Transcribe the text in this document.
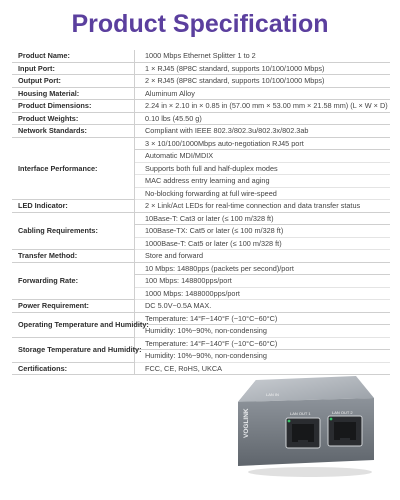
Product Specification
Product Name:	1000 Mbps Ethernet Splitter 1 to 2
Input Port:	1 × RJ45 (8P8C standard, supports 10/100/1000 Mbps)
Output Port:	2 × RJ45 (8P8C standard, supports 10/100/1000 Mbps)
Housing Material:	Aluminum Alloy
Product Dimensions:	2.24 in × 2.10 in × 0.85 in (57.00 mm × 53.00 mm × 21.58 mm) (L × W × D)
Product Weights:	0.10 lbs (45.50 g)
Network Standards:	Compliant with IEEE 802.3/802.3u/802.3x/802.3ab
Interface Performance:	3 × 10/100/1000Mbps auto-negotiation RJ45 port
	Automatic MDI/MDIX
	Supports both full and half-duplex modes
	MAC address entry learning and aging
	No-blocking forwarding at full wire-speed
LED Indicator:	2 × Link/Act LEDs for real-time connection and data transfer status
Cabling Requirements:	10Base-T: Cat3 or later (≤ 100 m/328 ft)
	100Base-TX: Cat5 or later (≤ 100 m/328 ft)
	1000Base-T: Cat5 or later (≤ 100 m/328 ft)
Transfer Method:	Store and forward
Forwarding Rate:	10 Mbps: 14880pps (packets per second)/port
	100 Mbps: 148800pps/port
	1000 Mbps: 1488000pps/port
Power Requirement:	DC 5.0V~0.5A MAX.
Operating Temperature and Humidity:	Temperature: 14°F~140°F (−10°C~60°C)
	Humidity: 10%~90%, non-condensing
Storage Temperature and Humidity:	Temperature: 14°F~140°F (−10°C~60°C)
	Humidity: 10%~90%, non-condensing
Certifications:	FCC, CE, RoHS, UKCA
VOGLINK
LAN IN
LAN OUT 1	LAN OUT 2
